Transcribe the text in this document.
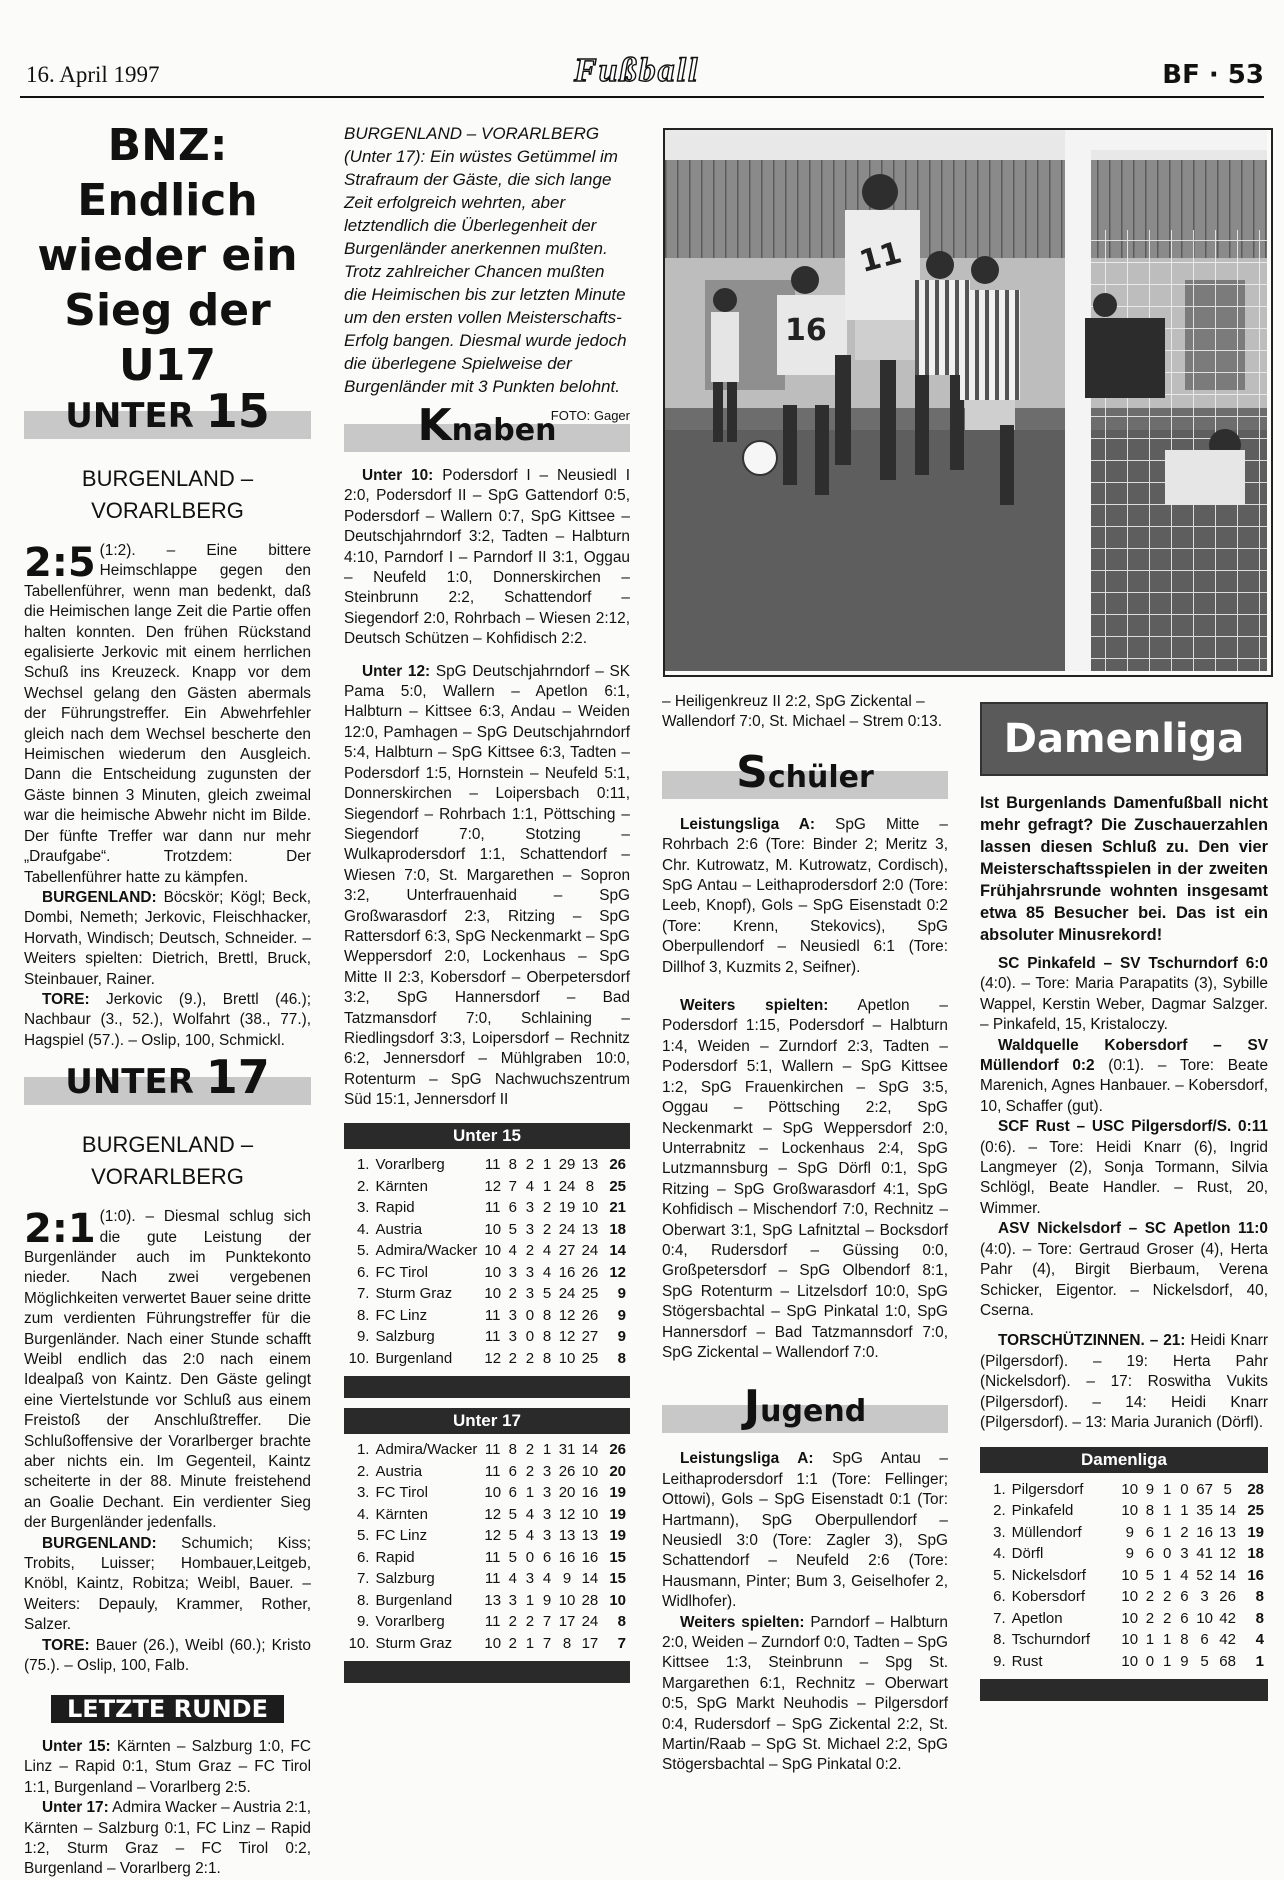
16. April 1997	Fußball	BF · 53
BNZ: Endlich wieder ein Sieg der U17
UNTER 15
BURGENLAND – VORARLBERG

2:5 (1:2). – Eine bittere Heimschlappe gegen den Tabellenführer, wenn man bedenkt, daß die Heimischen lange Zeit die Partie offen halten konnten. Den frühen Rückstand egalisierte Jerkovic mit einem herrlichen Schuß ins Kreuzeck. Knapp vor dem Wechsel gelang den Gästen abermals der Führungstreffer. Ein Abwehrfehler gleich nach dem Wechsel bescherte den Heimischen wiederum den Ausgleich. Dann die Entscheidung zugunsten der Gäste binnen 3 Minuten, gleich zweimal war die heimische Abwehr nicht im Bilde. Der fünfte Treffer war dann nur mehr „Draufgabe“. Trotzdem: Der Tabellenführer hatte zu kämpfen.

BURGENLAND: Böcskör; Kögl; Beck, Dombi, Nemeth; Jerkovic, Fleischhacker, Horvath, Windisch; Deutsch, Schneider. – Weiters spielten: Dietrich, Brettl, Bruck, Steinbauer, Rainer.

TORE: Jerkovic (9.), Brettl (46.); Nachbaur (3., 52.), Wolfahrt (38., 77.), Hagspiel (57.). – Oslip, 100, Schmickl.

UNTER 17
BURGENLAND – VORARLBERG

2:1 (1:0). – Diesmal schlug sich die gute Leistung der Burgenländer auch im Punktekonto nieder. Nach zwei vergebenen Möglichkeiten verwertet Bauer seine dritte zum verdienten Führungstreffer für die Burgenländer. Nach einer Stunde schafft Weibl endlich das 2:0 nach einem Idealpaß von Kaintz. Den Gäste gelingt eine Viertelstunde vor Schluß aus einem Freistoß der Anschlußtreffer. Die Schlußoffensive der Vorarlberger brachte aber nichts ein. Im Gegenteil, Kaintz scheiterte in der 88. Minute freistehend an Goalie Dechant. Ein verdienter Sieg der Burgenländer jedenfalls.

BURGENLAND: Schumich; Kiss; Trobits, Luisser; Hombauer,Leitgeb, Knöbl, Kaintz, Robitza; Weibl, Bauer. – Weiters: Depauly, Krammer, Rother, Salzer.

TORE: Bauer (26.), Weibl (60.); Kristo (75.). – Oslip, 100, Falb.

LETZTE RUNDE

Unter 15: Kärnten – Salzburg 1:0, FC Linz – Rapid 0:1, Stum Graz – FC Tirol 1:1, Burgenland – Vorarlberg 2:5.

Unter 17: Admira Wacker – Austria 2:1, Kärnten – Salzburg 0:1, FC Linz – Rapid 1:2, Sturm Graz – FC Tirol 0:2, Burgenland – Vorarlberg 2:1.

BURGENLAND – VORARLBERG (Unter 17): Ein wüstes Getümmel im Strafraum der Gäste, die sich lange Zeit erfolgreich wehrten, aber letztendlich die Überlegenheit der Burgenländer anerkennen mußten. Trotz zahlreicher Chancen mußten die Heimischen bis zur letzten Minute um den ersten vollen Meisterschafts-Erfolg bangen. Diesmal wurde jedoch die überlegene Spielweise der Burgenländer mit 3 Punkten belohnt.
FOTO: Gager

Knaben

Unter 10: Podersdorf I – Neusiedl I 2:0, Podersdorf II – SpG Gattendorf 0:5, Podersdorf – Wallern 0:7, SpG Kittsee – Deutschjahrndorf 3:2, Tadten – Halbturn 4:10, Parndorf I – Parndorf II 3:1, Oggau – Neufeld 1:0, Donnerskirchen – Steinbrunn 2:2, Schattendorf – Siegendorf 2:0, Rohrbach – Wiesen 2:12, Deutsch Schützen – Kohfidisch 2:2.

Unter 12: SpG Deutschjahrndorf – SK Pama 5:0, Wallern – Apetlon 6:1, Halbturn – Kittsee 6:3, Andau – Weiden 12:0, Pamhagen – SpG Deutschjahrndorf 5:4, Halbturn – SpG Kittsee 6:3, Tadten – Podersdorf 1:5, Hornstein – Neufeld 5:1, Donnerskirchen – Loipersbach 0:11, Siegendorf – Rohrbach 1:1, Pöttsching – Siegendorf 7:0, Stotzing – Wulkaprodersdorf 1:1, Schattendorf – Wiesen 7:0, St. Margarethen – Sopron 3:2, Unterfrauenhaid – SpG Großwarasdorf 2:3, Ritzing – SpG Rattersdorf 6:3, SpG Neckenmarkt – SpG Weppersdorf 2:0, Lockenhaus – SpG Mitte II 2:3, Kobersdorf – Oberpetersdorf 3:2, SpG Hannersdorf – Bad Tatzmansdorf 7:0, Schlaining – Riedlingsdorf 3:3, Loipersdorf – Rechnitz 6:2, Jennersdorf – Mühlgraben 10:0, Rotenturm – SpG Nachwuchszentrum Süd 15:1, Jennersdorf II

Unter 15
1.	Vorarlberg	11	8	2	1	29	13	26
2.	Kärnten	12	7	4	1	24	8	25
3.	Rapid	11	6	3	2	19	10	21
4.	Austria	10	5	3	2	24	13	18
5.	Admira/Wacker	10	4	2	4	27	24	14
6.	FC Tirol	10	3	3	4	16	26	12
7.	Sturm Graz	10	2	3	5	24	25	9
8.	FC Linz	11	3	0	8	12	26	9
9.	Salzburg	11	3	0	8	12	27	9
10.	Burgenland	12	2	2	8	10	25	8
Unter 17
1.	Admira/Wacker	11	8	2	1	31	14	26
2.	Austria	11	6	2	3	26	10	20
3.	FC Tirol	10	6	1	3	20	16	19
4.	Kärnten	12	5	4	3	12	10	19
5.	FC Linz	12	5	4	3	13	13	19
6.	Rapid	11	5	0	6	16	16	15
7.	Salzburg	11	4	3	4	9	14	15
8.	Burgenland	13	3	1	9	10	28	10
9.	Vorarlberg	11	2	2	7	17	24	8
10.	Sturm Graz	10	2	1	7	8	17	7
16
11

– Heiligenkreuz II 2:2, SpG Zickental – Wallendorf 7:0, St. Michael – Strem 0:13.

Schüler

Leistungsliga A: SpG Mitte – Rohrbach 2:6 (Tore: Binder 2; Meritz 3, Chr. Kutrowatz, M. Kutrowatz, Cordisch), SpG Antau – Leithaprodersdorf 2:0 (Tore: Leeb, Knopf), Gols – SpG Eisenstadt 0:2 (Tore: Krenn, Stekovics), SpG Oberpullendorf – Neusiedl 6:1 (Tore: Dillhof 3, Kuzmits 2, Seifner).

Weiters spielten: Apetlon – Podersdorf 1:15, Podersdorf – Halbturn 1:4, Weiden – Zurndorf 2:3, Tadten – Podersdorf 5:1, Wallern – SpG Kittsee 1:2, SpG Frauenkirchen – SpG 3:5, Oggau – Pöttsching 2:2, SpG Neckenmarkt – SpG Weppersdorf 2:0, Unterrabnitz – Lockenhaus 2:4, SpG Lutzmannsburg – SpG Dörfl 0:1, SpG Ritzing – SpG Großwarasdorf 4:1, SpG Kohfidisch – Mischendorf 7:0, Rechnitz – Oberwart 3:1, SpG Lafnitztal – Bocksdorf 0:4, Rudersdorf – Güssing 0:0, Großpetersdorf – SpG Olbendorf 8:1, SpG Rotenturm – Litzelsdorf 10:0, SpG Stögersbachtal – SpG Pinkatal 1:0, SpG Hannersdorf – Bad Tatzmannsdorf 7:0, SpG Zickental – Wallendorf 7:0.

Jugend

Leistungsliga A: SpG Antau – Leithaprodersdorf 1:1 (Tore: Fellinger; Ottowi), Gols – SpG Eisenstadt 0:1 (Tor: Hartmann), SpG Oberpullendorf – Neusiedl 3:0 (Tore: Zagler 3), SpG Schattendorf – Neufeld 2:6 (Tore: Hausmann, Pinter; Bum 3, Geiselhofer 2, Widlhofer).

Weiters spielten: Parndorf – Halbturn 2:0, Weiden – Zurndorf 0:0, Tadten – SpG Kittsee 1:3, Steinbrunn – Spg St. Margarethen 6:1, Rechnitz – Oberwart 0:5, SpG Markt Neuhodis – Pilgersdorf 0:4, Rudersdorf – SpG Zickental 2:2, St. Martin/Raab – SpG St. Michael 2:2, SpG Stögersbachtal – SpG Pinkatal 0:2.

Damenliga

Ist Burgenlands Damenfußball nicht mehr gefragt? Die Zuschauerzahlen lassen diesen Schluß zu. Den vier Meisterschaftsspielen in der zweiten Frühjahrsrunde wohnten insgesamt etwa 85 Besucher bei. Das ist ein absoluter Minusrekord!

SC Pinkafeld – SV Tschurndorf 6:0 (4:0). – Tore: Maria Parapatits (3), Sybille Wappel, Kerstin Weber, Dagmar Salzger. – Pinkafeld, 15, Kristaloczy.

Waldquelle Kobersdorf – SV Müllendorf 0:2 (0:1). – Tore: Beate Marenich, Agnes Hanbauer. – Kobersdorf, 10, Schaffer (gut).

SCF Rust – USC Pilgersdorf/S. 0:11 (0:6). – Tore: Heidi Knarr (6), Ingrid Langmeyer (2), Sonja Tormann, Silvia Schlögl, Beate Handler. – Rust, 20, Wimmer.

ASV Nickelsdorf – SC Apetlon 11:0 (4:0). – Tore: Gertraud Groser (4), Herta Pahr (4), Birgit Bierbaum, Verena Schicker, Eigentor. – Nickelsdorf, 40, Cserna.

TORSCHÜTZINNEN. – 21: Heidi Knarr (Pilgersdorf). – 19: Herta Pahr (Nickelsdorf). – 17: Roswitha Vukits (Pilgersdorf). – 14: Heidi Knarr (Pilgersdorf). – 13: Maria Juranich (Dörfl).

Damenliga
1.	Pilgersdorf	10	9	1	0	67	5	28
2.	Pinkafeld	10	8	1	1	35	14	25
3.	Müllendorf	9	6	1	2	16	13	19
4.	Dörfl	9	6	0	3	41	12	18
5.	Nickelsdorf	10	5	1	4	52	14	16
6.	Kobersdorf	10	2	2	6	3	26	8
7.	Apetlon	10	2	2	6	10	42	8
8.	Tschurndorf	10	1	1	8	6	42	4
9.	Rust	10	0	1	9	5	68	1
